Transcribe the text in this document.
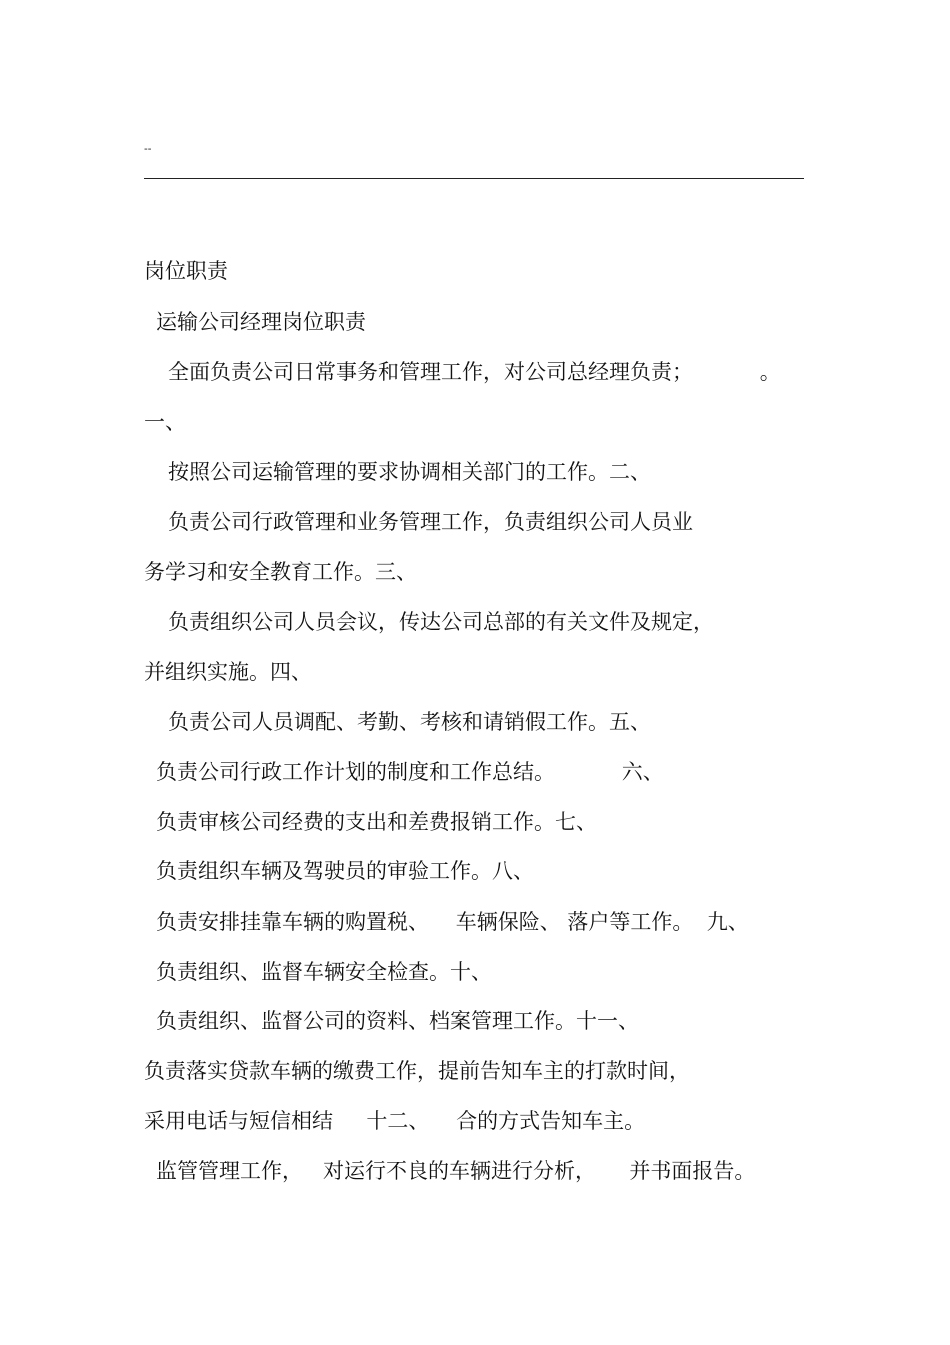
--
岗位职责
运输公司经理岗位职责
全面负责公司日常事务和管理工作，对公司总经理负责；          。
一、
按照公司运输管理的要求协调相关部门的工作。二、
负责公司行政管理和业务管理工作，负责组织公司人员业
务学习和安全教育工作。三、
负责组织公司人员会议，传达公司总部的有关文件及规定，
并组织实施。四、
负责公司人员调配、考勤、考核和请销假工作。五、
负责公司行政工作计划的制度和工作总结。          六、
负责审核公司经费的支出和差费报销工作。七、
负责组织车辆及驾驶员的审验工作。八、
负责安排挂靠车辆的购置税、    车辆保险、 落户等工作。  九、
负责组织、监督车辆安全检查。十、
负责组织、监督公司的资料、档案管理工作。十一、
负责落实贷款车辆的缴费工作，提前告知车主的打款时间，
采用电话与短信相结     十二、    合的方式告知车主。
监管管理工作，   对运行不良的车辆进行分析，     并书面报告。
